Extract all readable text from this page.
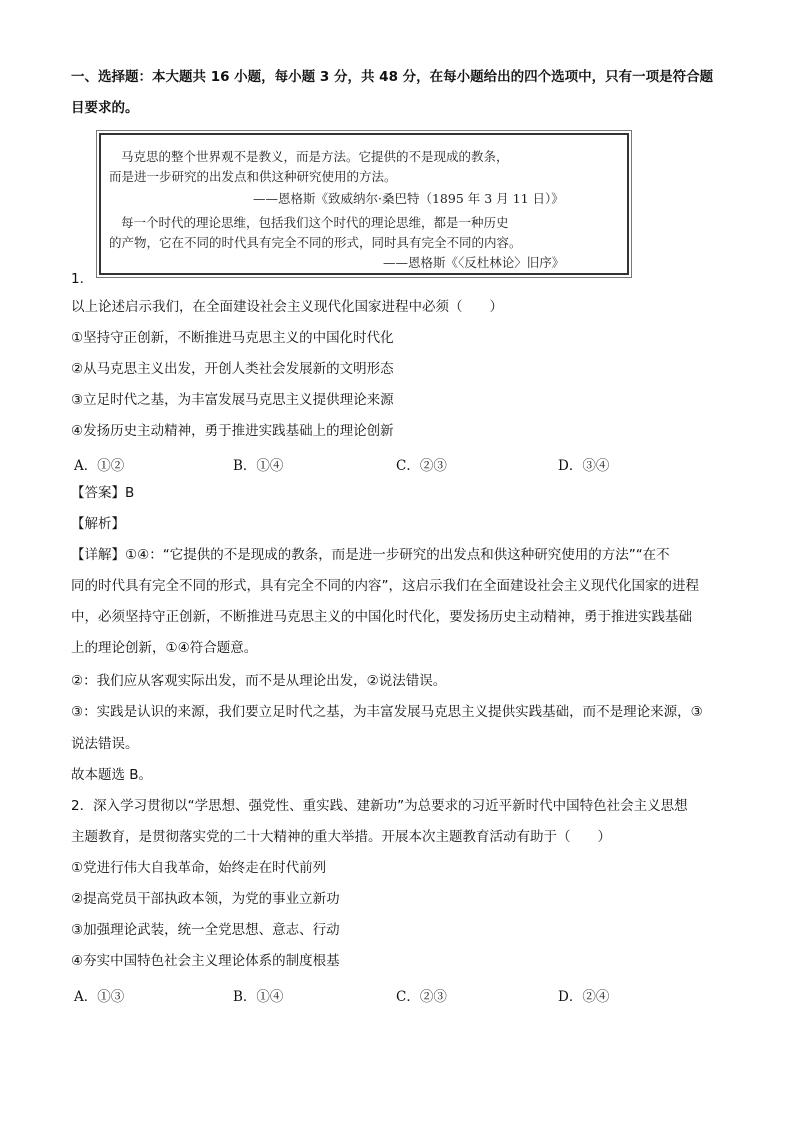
一、选择题：本大题共 16 小题，每小题 3 分，共 48 分，在每小题给出的四个选项中，只有一项是符合题
目要求的。
马克思的整个世界观不是教义，而是方法。它提供的不是现成的教条，
而是进一步研究的出发点和供这种研究使用的方法。
——恩格斯《致威纳尔·桑巴特（1895 年 3 月 11 日）》
每一个时代的理论思维，包括我们这个时代的理论思维，都是一种历史
的产物，它在不同的时代具有完全不同的形式，同时具有完全不同的内容。
——恩格斯《〈反杜林论〉旧序》
1.
以上论述启示我们，在全面建设社会主义现代化国家进程中必须（　　）
①坚持守正创新，不断推进马克思主义的中国化时代化
②从马克思主义出发，开创人类社会发展新的文明形态
③立足时代之基，为丰富发展马克思主义提供理论来源
④发扬历史主动精神，勇于推进实践基础上的理论创新
A．①②	B．①④	C．②③	D．③④
【答案】B
【解析】
【详解】①④：“它提供的不是现成的教条，而是进一步研究的出发点和供这种研究使用的方法”“在不
同的时代具有完全不同的形式，具有完全不同的内容”，这启示我们在全面建设社会主义现代化国家的进程
中，必须坚持守正创新，不断推进马克思主义的中国化时代化，要发扬历史主动精神，勇于推进实践基础
上的理论创新，①④符合题意。
②：我们应从客观实际出发，而不是从理论出发，②说法错误。
③：实践是认识的来源，我们要立足时代之基，为丰富发展马克思主义提供实践基础，而不是理论来源，③
说法错误。
故本题选 B。
2．深入学习贯彻以“学思想、强党性、重实践、建新功”为总要求的习近平新时代中国特色社会主义思想
主题教育，是贯彻落实党的二十大精神的重大举措。开展本次主题教育活动有助于（　　）
①党进行伟大自我革命，始终走在时代前列
②提高党员干部执政本领，为党的事业立新功
③加强理论武装，统一全党思想、意志、行动
④夯实中国特色社会主义理论体系的制度根基
A．①③	B．①④	C．②③	D．②④
